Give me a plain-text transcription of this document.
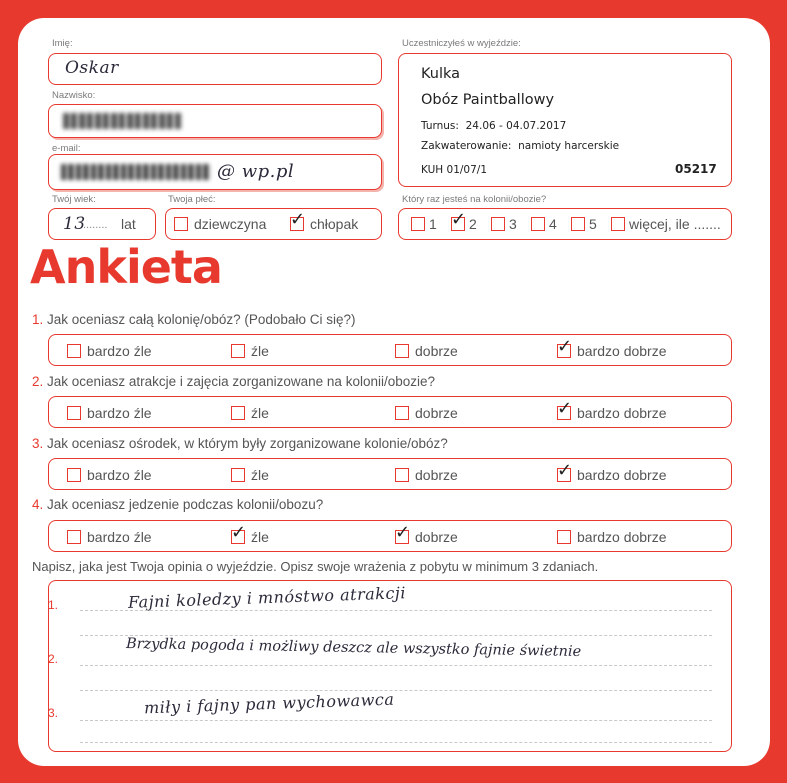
Imię:
Oskar
Nazwisko:
e-mail:
@ wp.pl
Twój wiek:
13
........ lat
Twoja płeć:
dziewczyna ✓ chłopak
Uczestniczyłeś w wyjeździe:
Kulka
Obóz Paintballowy
Turnus: 24.06 - 04.07.2017
Zakwaterowanie: namioty harcerskie
KUH 01/07/1	05217
Który raz jesteś na kolonii/obozie?
1 ✓ 2	3	4	5	więcej, ile .......
Ankieta
1. Jak oceniasz całą kolonię/obóz? (Podobało Ci się?)
bardzo źle	źle	dobrze	✓ bardzo dobrze
2. Jak oceniasz atrakcje i zajęcia zorganizowane na kolonii/obozie?
bardzo źle	źle	dobrze	✓ bardzo dobrze
3. Jak oceniasz ośrodek, w którym były zorganizowane kolonie/obóz?
bardzo źle	źle	dobrze	✓ bardzo dobrze
4. Jak oceniasz jedzenie podczas kolonii/obozu?
bardzo źle	✓ źle	✓ dobrze	bardzo dobrze
Napisz, jaka jest Twoja opinia o wyjeździe. Opisz swoje wrażenia z pobytu w minimum 3 zdaniach.
1.	Fajni koledzy i mnóstwo atrakcji
2.	Brzydka pogoda i możliwy deszcz ale wszystko fajnie świetnie
3.	miły i fajny pan wychowawca
